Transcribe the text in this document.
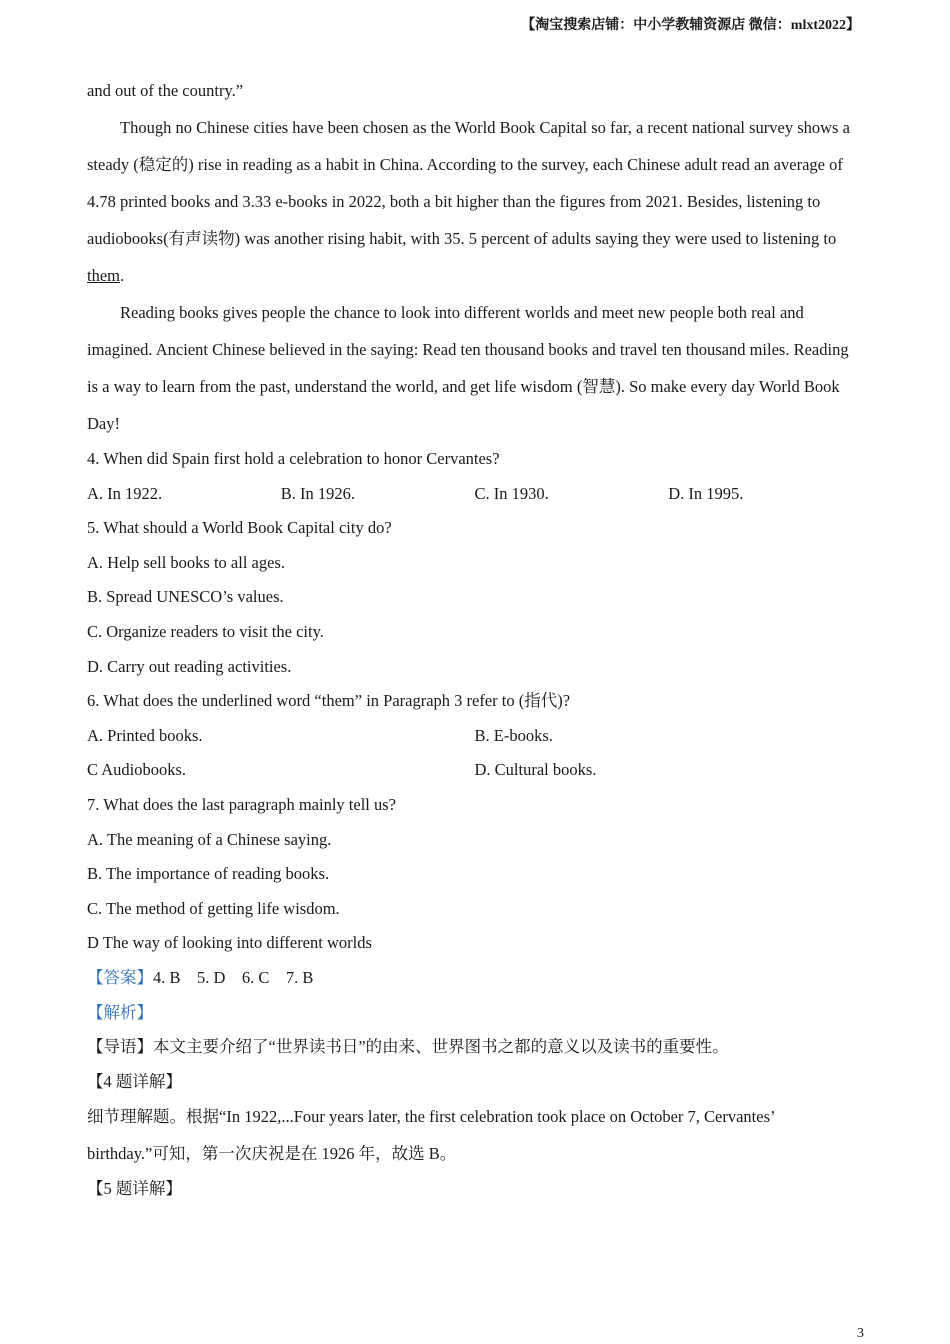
【淘宝搜索店铺：中小学教辅资源店 微信：mlxt2022】

and out of the country.”

Though no Chinese cities have been chosen as the World Book Capital so far, a recent national survey shows a

steady (稳定的) rise in reading as a habit in China. According to the survey, each Chinese adult read an average of

4.78 printed books and 3.33 e-books in 2022, both a bit higher than the figures from 2021. Besides, listening to

audiobooks(有声读物) was another rising habit, with 35. 5 percent of adults saying they were used to listening to

them.

Reading books gives people the chance to look into different worlds and meet new people both real and

imagined. Ancient Chinese believed in the saying: Read ten thousand books and travel ten thousand miles. Reading

is a way to learn from the past, understand the world, and get life wisdom (智慧). So make every day World Book

Day!

4. When did Spain first hold a celebration to honor Cervantes?

A. In 1922.	B. In 1926.	C. In 1930.	D. In 1995.

5. What should a World Book Capital city do?

A. Help sell books to all ages.

B. Spread UNESCO’s values.

C. Organize readers to visit the city.

D. Carry out reading activities.

6. What does the underlined word “them” in Paragraph 3 refer to (指代)?

A. Printed books.	B. E-books.
C Audiobooks.	D. Cultural books.

7. What does the last paragraph mainly tell us?

A. The meaning of a Chinese saying.

B. The importance of reading books.

C. The method of getting life wisdom.

D The way of looking into different worlds

【答案】4. B    5. D    6. C    7. B

【解析】

【导语】本文主要介绍了“世界读书日”的由来、世界图书之都的意义以及读书的重要性。

【4 题详解】

细节理解题。根据“In 1922,...Four years later, the first celebration took place on October 7, Cervantes’

birthday.”可知，第一次庆祝是在 1926 年，故选 B。

【5 题详解】

3
